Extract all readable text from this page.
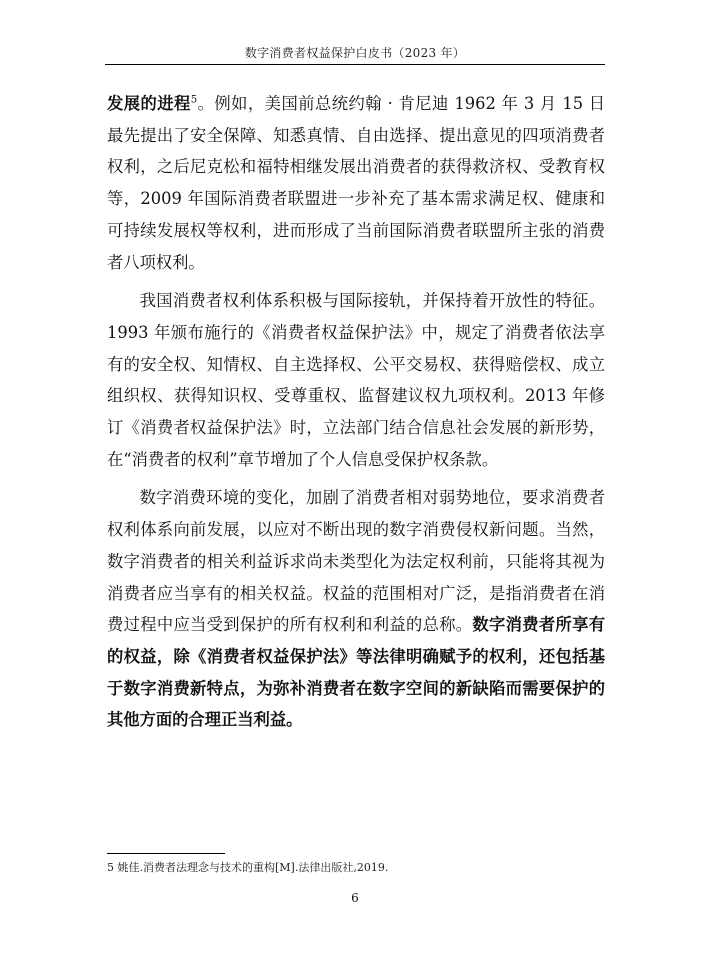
数字消费者权益保护白皮书（2023 年）

发展的进程$^5$。例如，美国前总统约翰 · 肯尼迪 1962 年 3 月 15 日最先提出了安全保障、知悉真情、自由选择、提出意见的四项消费者权利，之后尼克松和福特相继发展出消费者的获得救济权、受教育权等，2009 年国际消费者联盟进一步补充了基本需求满足权、健康和可持续发展权等权利，进而形成了当前国际消费者联盟所主张的消费者八项权利。

我国消费者权利体系积极与国际接轨，并保持着开放性的特征。1993 年颁布施行的《消费者权益保护法》中，规定了消费者依法享有的安全权、知情权、自主选择权、公平交易权、获得赔偿权、成立组织权、获得知识权、受尊重权、监督建议权九项权利。2013 年修订《消费者权益保护法》时，立法部门结合信息社会发展的新形势，在“消费者的权利”章节增加了个人信息受保护权条款。

数字消费环境的变化，加剧了消费者相对弱势地位，要求消费者权利体系向前发展，以应对不断出现的数字消费侵权新问题。当然，数字消费者的相关利益诉求尚未类型化为法定权利前，只能将其视为消费者应当享有的相关权益。权益的范围相对广泛，是指消费者在消费过程中应当受到保护的所有权利和利益的总称。数字消费者所享有的权益，除《消费者权益保护法》等法律明确赋予的权利，还包括基于数字消费新特点，为弥补消费者在数字空间的新缺陷而需要保护的其他方面的合理正当利益。

5 姚佳.消费者法理念与技术的重构[M].法律出版社,2019.
6
